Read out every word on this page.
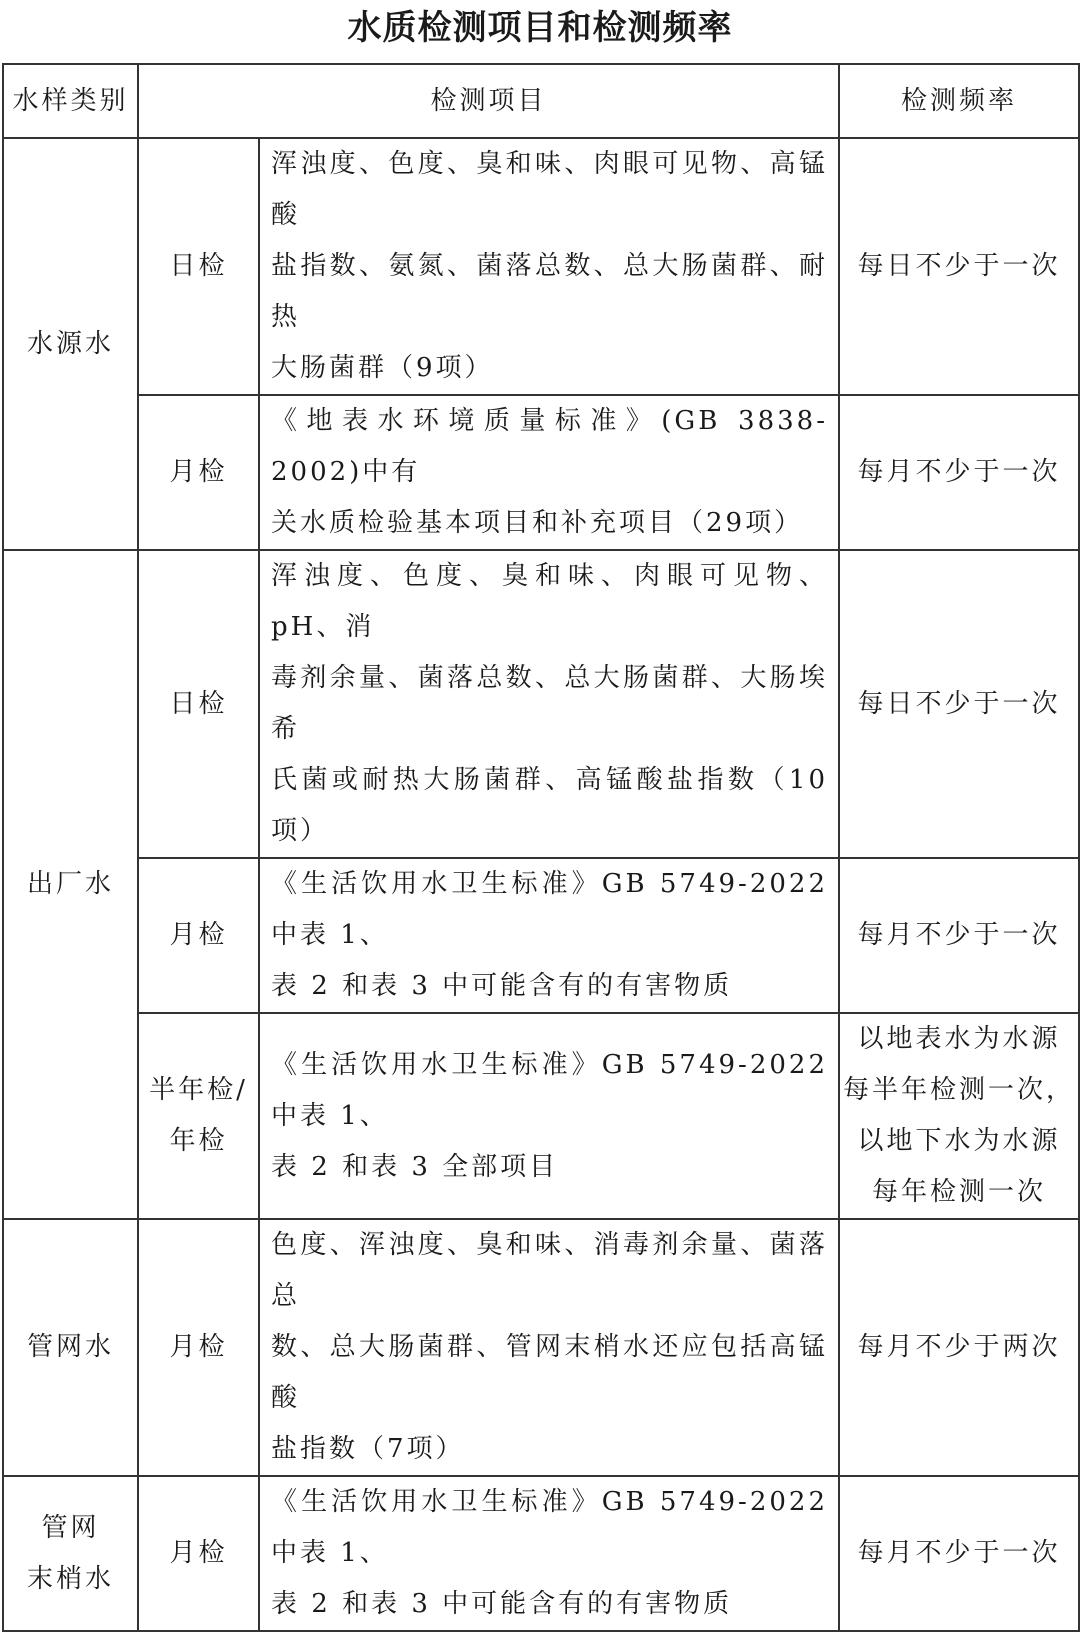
水质检测项目和检测频率
水样类别	检测项目		检测频率
水源水	日检	浑浊度、色度、臭和味、肉眼可见物、高锰酸
盐指数、氨氮、菌落总数、总大肠菌群、耐热
大肠菌群（9项）	每日不少于一次
	月检	《地表水环境质量标准》(GB 3838-2002)中有
关水质检验基本项目和补充项目（29项）	每月不少于一次
出厂水	日检	浑浊度、色度、臭和味、肉眼可见物、pH、消
毒剂余量、菌落总数、总大肠菌群、大肠埃希
氏菌或耐热大肠菌群、高锰酸盐指数（10项）	每日不少于一次
	月检	《生活饮用水卫生标准》GB 5749-2022 中表 1、
表 2 和表 3 中可能含有的有害物质	每月不少于一次

	半年检/
年检	《生活饮用水卫生标准》GB 5749-2022 中表 1、
表 2 和表 3 全部项目	以地表水为水源
每半年检测一次，
以地下水为水源
每年检测一次

管网水	月检	色度、浑浊度、臭和味、消毒剂余量、菌落总
数、总大肠菌群、管网末梢水还应包括高锰酸
盐指数（7项）	每月不少于两次

管网
末梢水	月检	《生活饮用水卫生标准》GB 5749-2022 中表 1、
表 2 和表 3 中可能含有的有害物质	每月不少于一次
